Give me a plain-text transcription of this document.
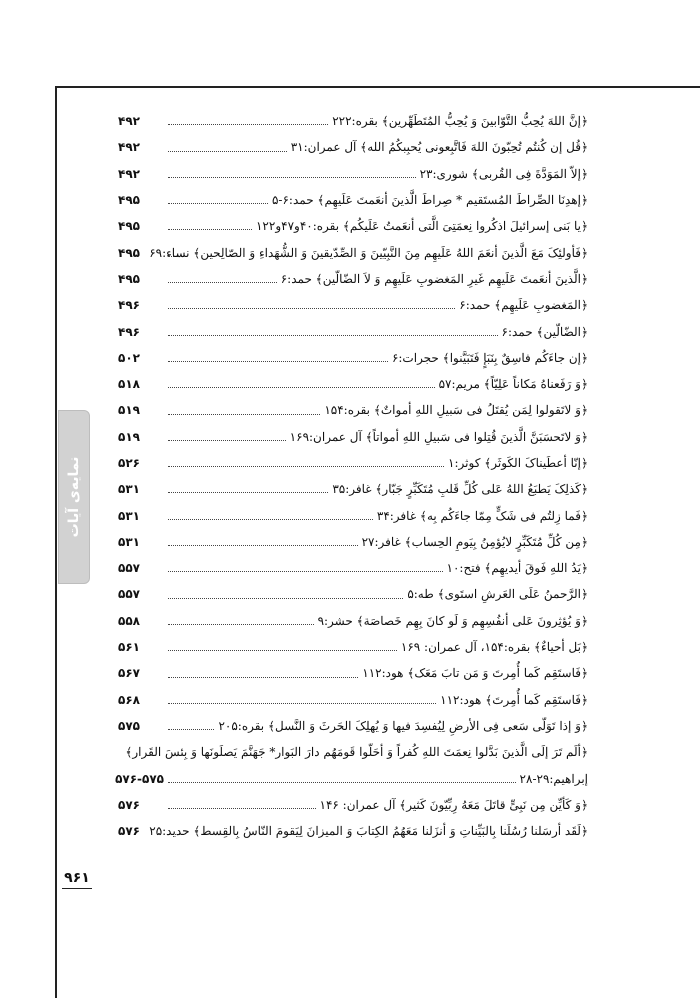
نمایه‌ی آیات
۹۶۱
۴۹۲	﴿إنَّ اللهَ یُحِبُّ التَّوّابینَ وَ یُحِبُّ المُتَطَهِّرین﴾ بقره:۲۲۲
۴۹۲	﴿قُل إن کُنتُم تُحِبّونَ اللهَ فَاتَّبِعونی یُحبِبکُمُ الله﴾ آل عمران:۳۱
۴۹۲	﴿إلاّ المَوَدَّةَ فِی القُربی﴾ شوری:۲۳
۴۹۵	﴿إهدِنَا الصِّراطَ المُستَقیم * صِراطَ الَّذینَ أنعَمتَ عَلَیهِم﴾ حمد:۶-۵
۴۹۵	﴿یا بَنی إسرائیلَ اذکُروا نِعمَتِیَ الَّتی أنعَمتُ عَلَیکُم﴾ بقره:۴۰و۴۷و۱۲۲
۴۹۵ ﴿فَأولئِکَ مَعَ الَّذینَ أنعَمَ اللهُ عَلَیهِم مِنَ النَّبِیّینَ وَ الصِّدّیقینَ وَ الشُّهَداءِ وَ الصّالِحین﴾ نساء:۶۹
۴۹۵	﴿الَّذینَ أنعَمتَ عَلَیهِم غَیرِ المَغضوبِ عَلَیهِم وَ لاَ الضّالّین﴾ حمد:۶
۴۹۶	﴿المَغضوبِ عَلَیهِم﴾ حمد:۶
۴۹۶	﴿الضّالّین﴾ حمد:۶
۵۰۲	﴿إن جاءَکُم فاسِقٌ بِنَبَإٍ فَتَبَیَّنوا﴾ حجرات:۶
۵۱۸	﴿وَ رَفَعناهُ مَکاناً عَلِیّاً﴾ مریم:۵۷
۵۱۹	﴿وَ لاتَقولوا لِمَن یُقتَلُ فی سَبیلِ اللهِ أمواتٌ﴾ بقره:۱۵۴
۵۱۹	﴿وَ لاتَحسَبَنَّ الَّذینَ قُتِلوا فی سَبیلِ اللهِ أمواتاً﴾ آل عمران:۱۶۹
۵۲۶	﴿إنّا أعطَیناکَ الکَوثَر﴾ کوثر:۱
۵۳۱	﴿کَذلِکَ یَطبَعُ اللهُ عَلی کُلِّ قَلبِ مُتَکَبِّرٍ جَبّار﴾ غافر:۳۵
۵۳۱	﴿فَما زِلتُم فی شَکٍّ مِمّا جاءَکُم بِه﴾ غافر:۳۴
۵۳۱	﴿مِن کُلِّ مُتَکَبِّرٍ لایُؤمِنُ بِیَومِ الحِساب﴾ غافر:۲۷
۵۵۷	﴿یَدُ اللهِ فَوقَ أیدیهِم﴾ فتح:۱۰
۵۵۷	﴿الرَّحمنُ عَلَی العَرشِ استَوی﴾ طه:۵
۵۵۸	﴿وَ یُؤثِرونَ عَلی أنفُسِهِم وَ لَو کانَ بِهِم خَصاصَة﴾ حشر:۹
۵۶۱	﴿بَل أحیاءٌ﴾ بقره:۱۵۴، آل عمران: ۱۶۹
۵۶۷	﴿فَاستَقِم کَما أُمِرتَ وَ مَن تابَ مَعَک﴾ هود:۱۱۲
۵۶۸	﴿فَاستَقِم کَما أُمِرتَ﴾ هود:۱۱۲
۵۷۵	﴿وَ إذا تَوَلّی سَعی فِی الأرضِ لِیُفسِدَ فیها وَ یُهلِکَ الحَرثَ وَ النَّسل﴾ بقره:۲۰۵
﴿ألَم تَرَ إلَی الَّذینَ بَدَّلوا نِعمَتَ اللهِ کُفراً وَ أحَلّوا قَومَهُم دارَ البَوار* جَهَنَّمَ یَصلَونَها وَ بِئسَ القَرار﴾
۵۷۶-۵۷۵	إبراهیم:۲۹-۲۸
۵۷۶	﴿وَ کَأیِّن مِن نَبِیٍّ قاتَلَ مَعَهُ رِبِّیّونَ کَثیر﴾ آل عمران: ۱۴۶
۵۷۶ ﴿لَقَد أرسَلنا رُسُلَنا بِالبَیِّناتِ وَ أنزَلنا مَعَهُمُ الکِتابَ وَ المیزانَ لِیَقومَ النّاسُ بِالقِسط﴾ حدید:۲۵
